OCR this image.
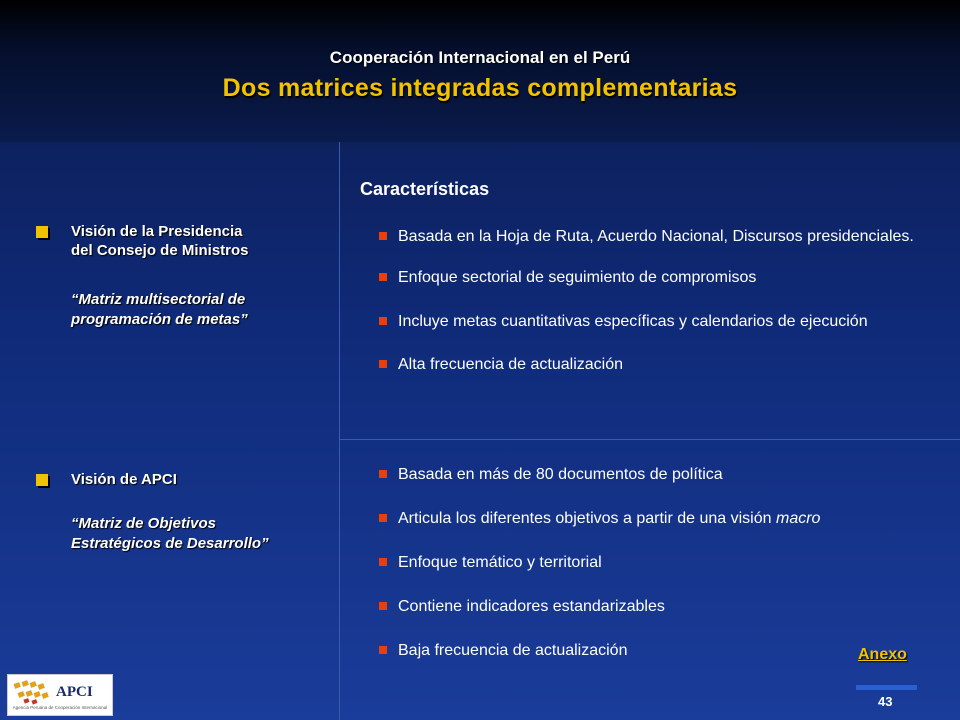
Cooperación Internacional en el Perú
Dos matrices integradas complementarias
Visión de la Presidencia
del Consejo de Ministros
“Matriz multisectorial de
programación de metas”
Visión de APCI
“Matriz de Objetivos
Estratégicos de Desarrollo”
Características
Basada en la Hoja de Ruta, Acuerdo Nacional, Discursos presidenciales.
Enfoque sectorial de seguimiento de compromisos
Incluye metas cuantitativas específicas y calendarios de ejecución
Alta frecuencia de actualización
Basada en más de 80 documentos de política
Articula los diferentes objetivos a partir de una visión macro
Enfoque temático y territorial
Contiene indicadores estandarizables
Baja frecuencia de actualización	Anexo
43
APCI
Agencia Peruana de Cooperación Internacional
